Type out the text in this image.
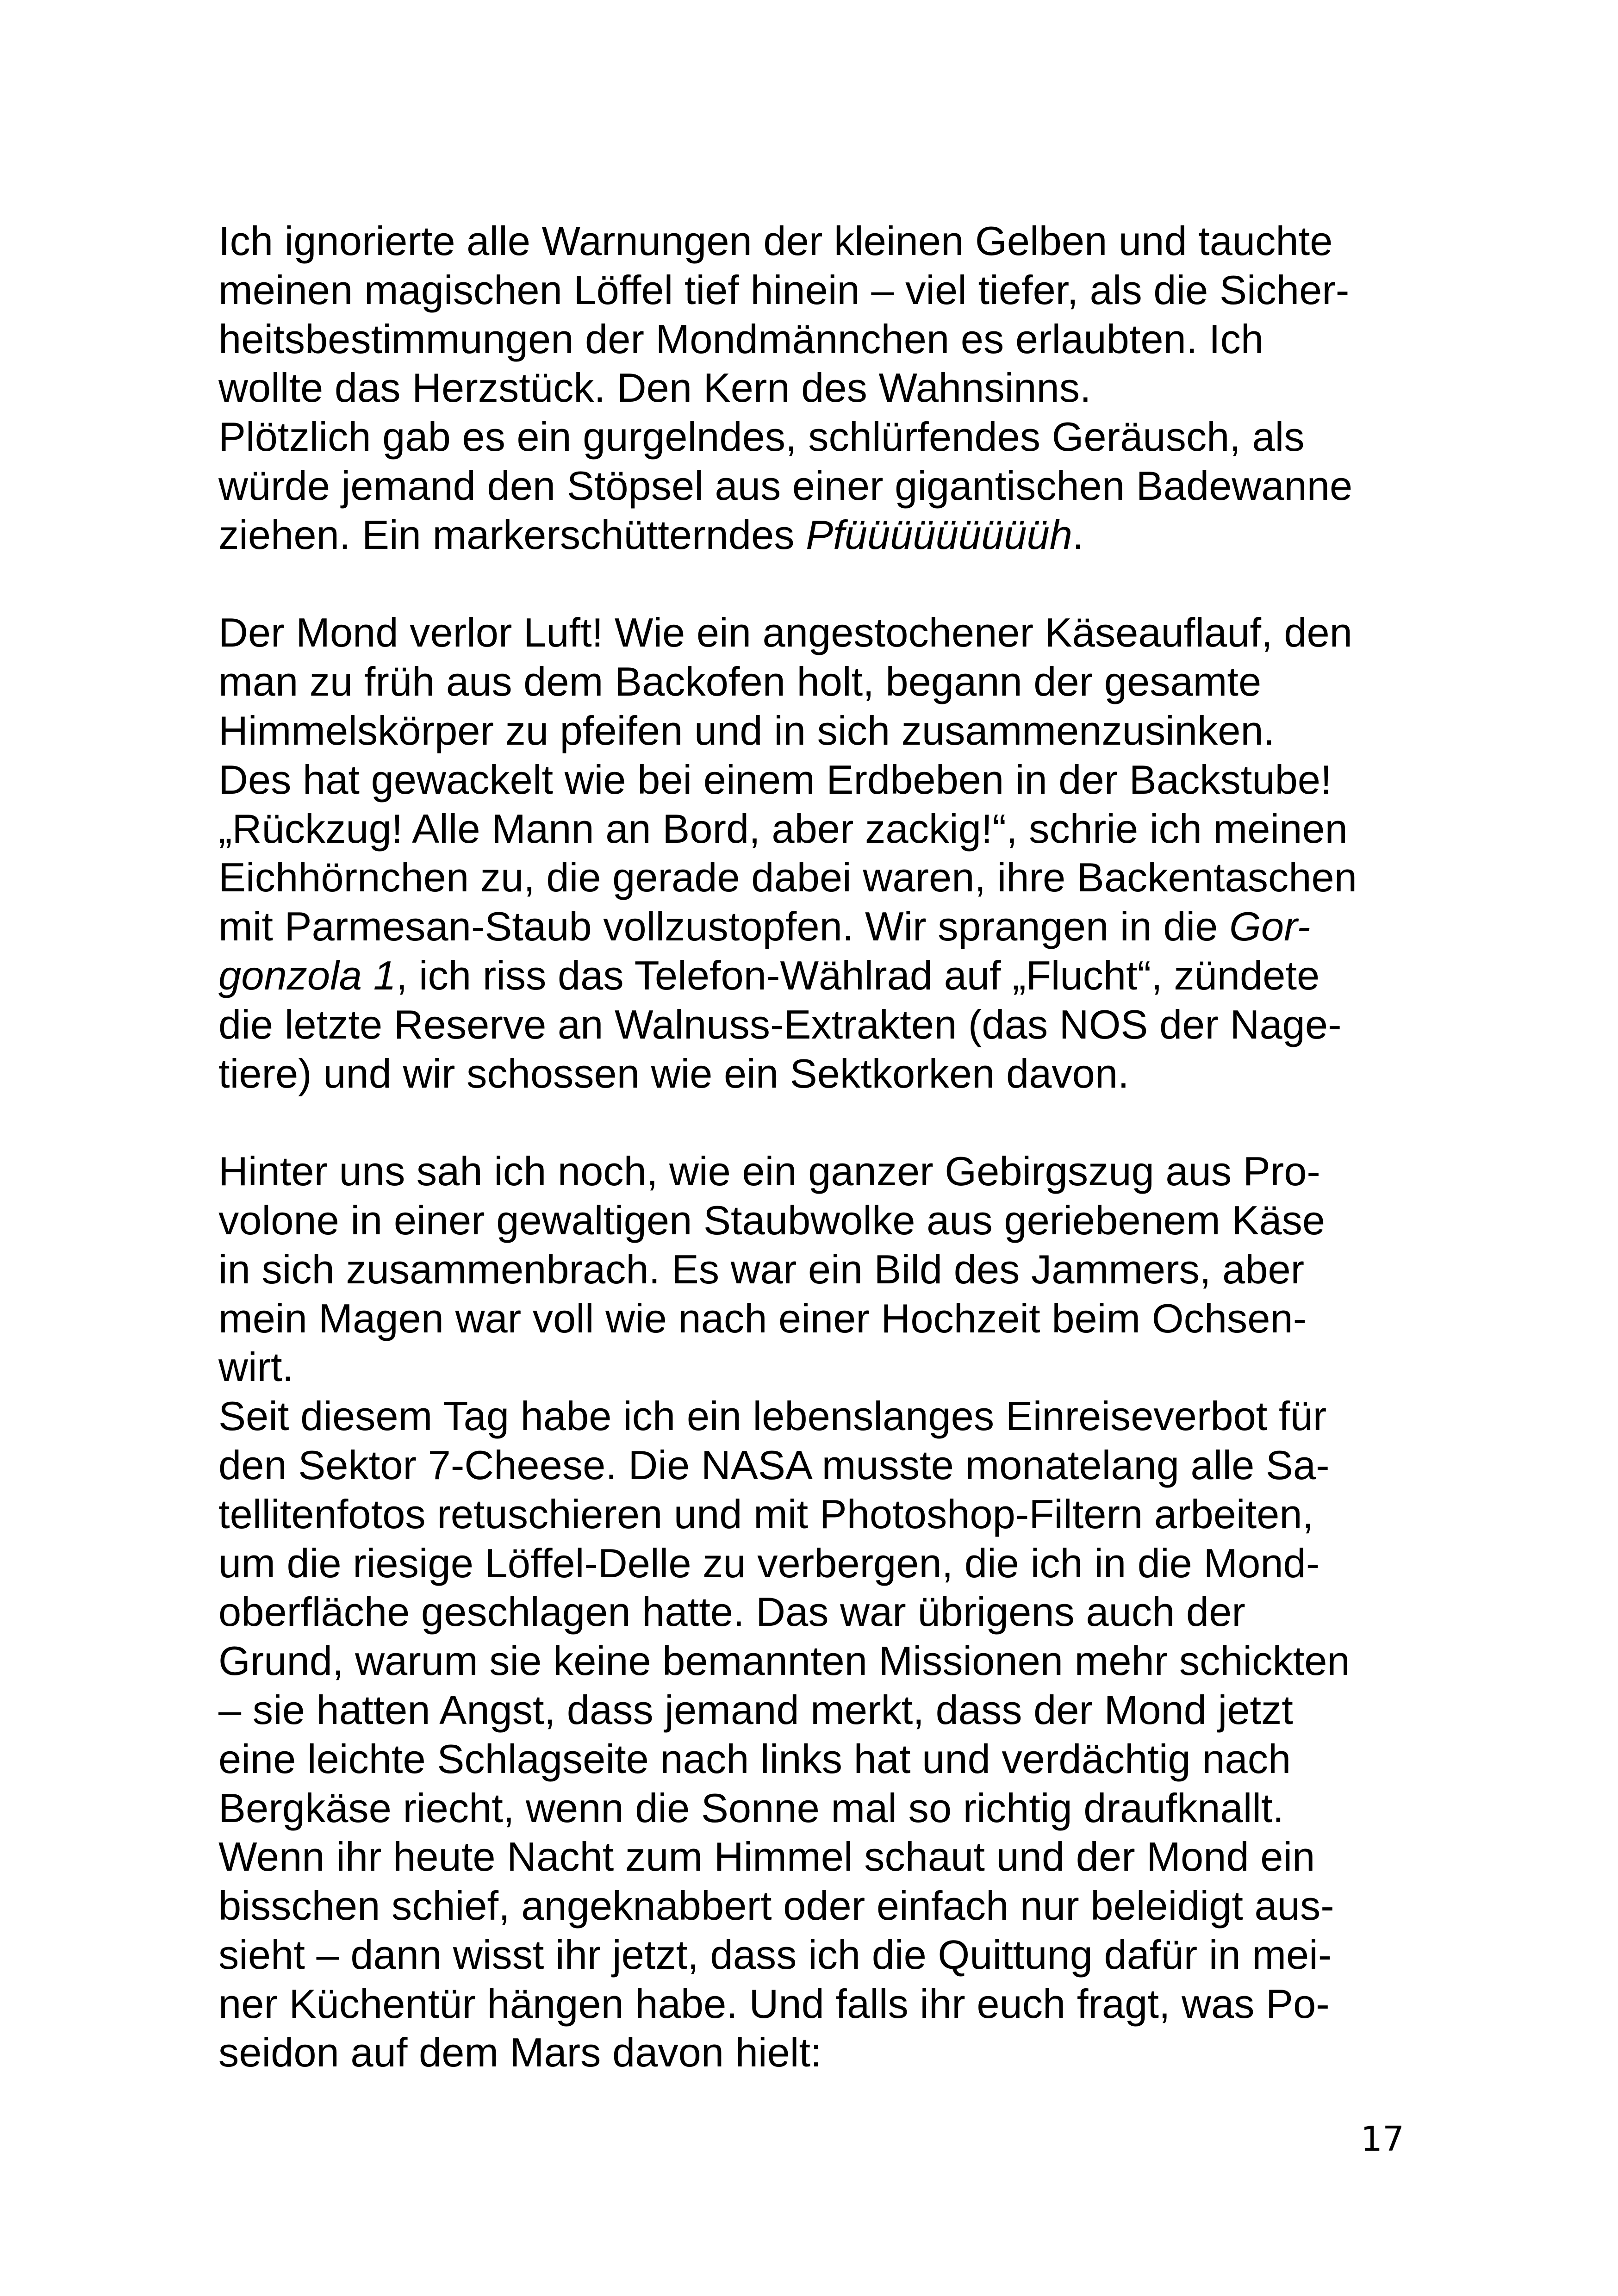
Ich ignorierte alle Warnungen der kleinen Gelben und tauchte
meinen magischen Löffel tief hinein – viel tiefer, als die Sicher-
heitsbestimmungen der Mondmännchen es erlaubten. Ich
wollte das Herzstück. Den Kern des Wahnsinns.
Plötzlich gab es ein gurgelndes, schlürfendes Geräusch, als
würde jemand den Stöpsel aus einer gigantischen Badewanne
ziehen. Ein markerschütterndes Pfüüüüüüüüüh.
Der Mond verlor Luft! Wie ein angestochener Käseauflauf, den
man zu früh aus dem Backofen holt, begann der gesamte
Himmelskörper zu pfeifen und in sich zusammenzusinken.
Des hat gewackelt wie bei einem Erdbeben in der Backstube!
„Rückzug! Alle Mann an Bord, aber zackig!“, schrie ich meinen
Eichhörnchen zu, die gerade dabei waren, ihre Backentaschen
mit Parmesan-Staub vollzustopfen. Wir sprangen in die Gor-
gonzola 1, ich riss das Telefon-Wählrad auf „Flucht“, zündete
die letzte Reserve an Walnuss-Extrakten (das NOS der Nage-
tiere) und wir schossen wie ein Sektkorken davon.
Hinter uns sah ich noch, wie ein ganzer Gebirgszug aus Pro-
volone in einer gewaltigen Staubwolke aus geriebenem Käse
in sich zusammenbrach. Es war ein Bild des Jammers, aber
mein Magen war voll wie nach einer Hochzeit beim Ochsen-
wirt.
Seit diesem Tag habe ich ein lebenslanges Einreiseverbot für
den Sektor 7-Cheese. Die NASA musste monatelang alle Sa-
tellitenfotos retuschieren und mit Photoshop-Filtern arbeiten,
um die riesige Löffel-Delle zu verbergen, die ich in die Mond-
oberfläche geschlagen hatte. Das war übrigens auch der
Grund, warum sie keine bemannten Missionen mehr schickten
– sie hatten Angst, dass jemand merkt, dass der Mond jetzt
eine leichte Schlagseite nach links hat und verdächtig nach
Bergkäse riecht, wenn die Sonne mal so richtig draufknallt.
Wenn ihr heute Nacht zum Himmel schaut und der Mond ein
bisschen schief, angeknabbert oder einfach nur beleidigt aus-
sieht – dann wisst ihr jetzt, dass ich die Quittung dafür in mei-
ner Küchentür hängen habe. Und falls ihr euch fragt, was Po-
seidon auf dem Mars davon hielt:
17
